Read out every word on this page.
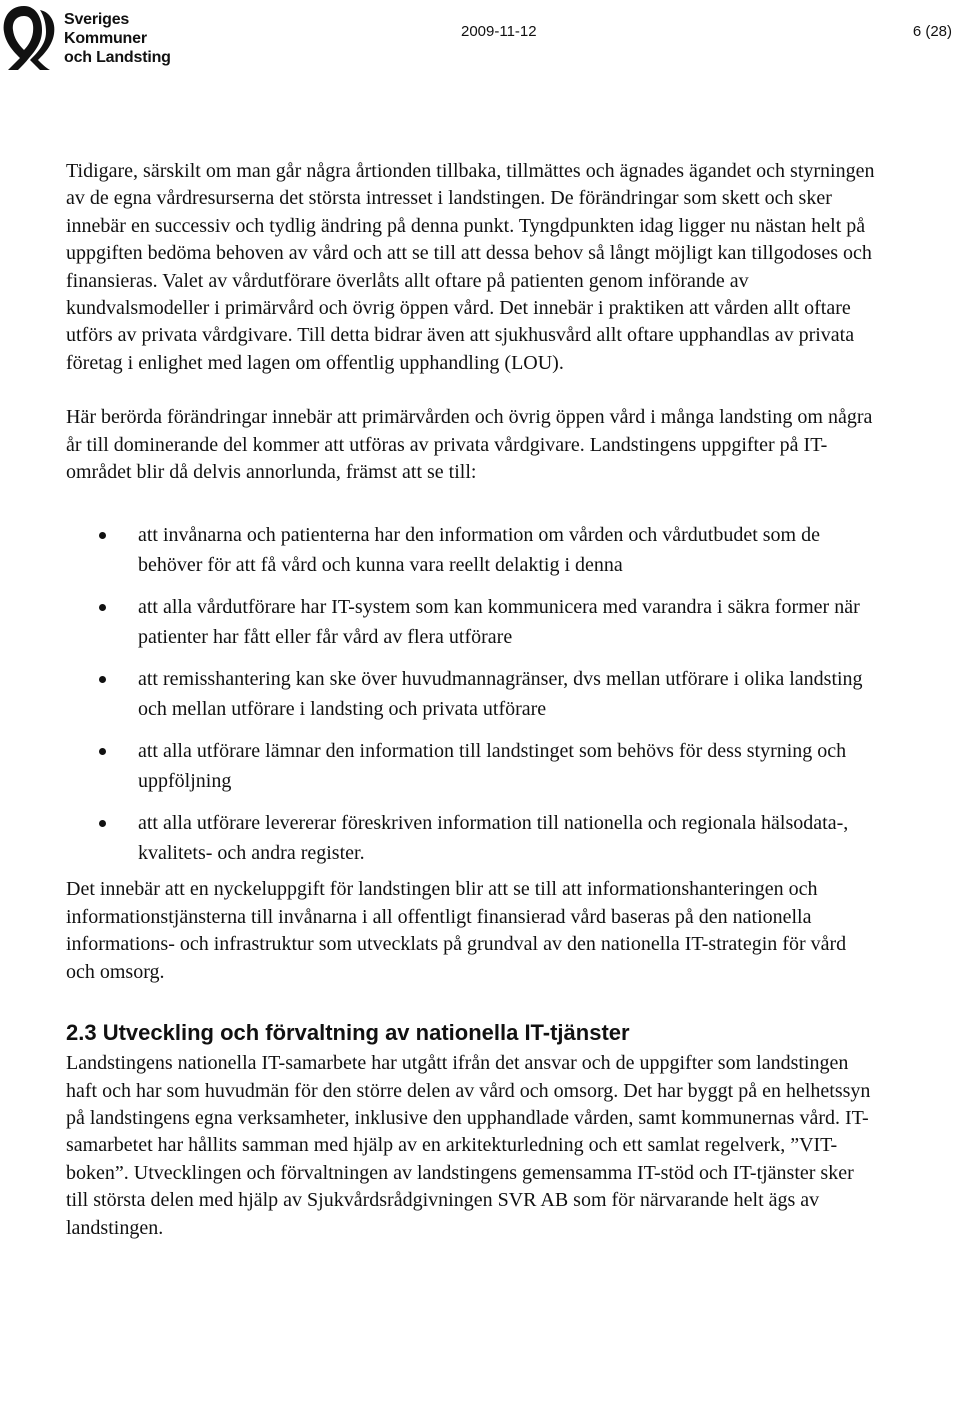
Sveriges
Kommuner
och Landsting
2009-11-12	6 (28)

Tidigare, särskilt om man går några årtionden tillbaka, tillmättes och ägnades ägandet och styrningen av de egna vårdresurserna det största intresset i landstingen. De förändringar som skett och sker innebär en successiv och tydlig ändring på denna punkt. Tyngdpunkten idag ligger nu nästan helt på uppgiften bedöma behoven av vård och att se till att dessa behov så långt möjligt kan tillgodoses och finansieras. Valet av vårdutförare överlåts allt oftare på patienten genom införande av kundvalsmodeller i primärvård och övrig öppen vård. Det innebär i praktiken att vården allt oftare utförs av privata vårdgivare. Till detta bidrar även att sjukhusvård allt oftare upphandlas av privata företag i enlighet med lagen om offentlig upphandling (LOU).

Här berörda förändringar innebär att primärvården och övrig öppen vård i många landsting om några år till dominerande del kommer att utföras av privata vårdgivare. Landstingens uppgifter på IT-området blir då delvis annorlunda, främst att se till:

att invånarna och patienterna har den information om vården och vårdutbudet som de behöver för att få vård och kunna vara reellt delaktig i denna
att alla vårdutförare har IT-system som kan kommunicera med varandra i säkra former när patienter har fått eller får vård av flera utförare
att remisshantering kan ske över huvudmannagränser, dvs mellan utförare i olika landsting och mellan utförare i landsting och privata utförare
att alla utförare lämnar den information till landstinget som behövs för dess styrning och uppföljning
att alla utförare levererar föreskriven information till nationella och regionala hälsodata-, kvalitets- och andra register.

Det innebär att en nyckeluppgift för landstingen blir att se till att informationshanteringen och informationstjänsterna till invånarna i all offentligt finansierad vård baseras på den nationella informations- och infrastruktur som utvecklats på grundval av den nationella IT-strategin för vård och omsorg.

2.3 Utveckling och förvaltning av nationella IT-tjänster

Landstingens nationella IT-samarbete har utgått ifrån det ansvar och de uppgifter som landstingen haft och har som huvudmän för den större delen av vård och omsorg. Det har byggt på en helhetssyn på landstingens egna verksamheter, inklusive den upphandlade vården, samt kommunernas vård. IT-samarbetet har hållits samman med hjälp av en arkitekturledning och ett samlat regelverk, ”VIT-boken”. Utvecklingen och förvaltningen av landstingens gemensamma IT-stöd och IT-tjänster sker till största delen med hjälp av Sjukvårdsrådgivningen SVR AB som för närvarande helt ägs av landstingen.
